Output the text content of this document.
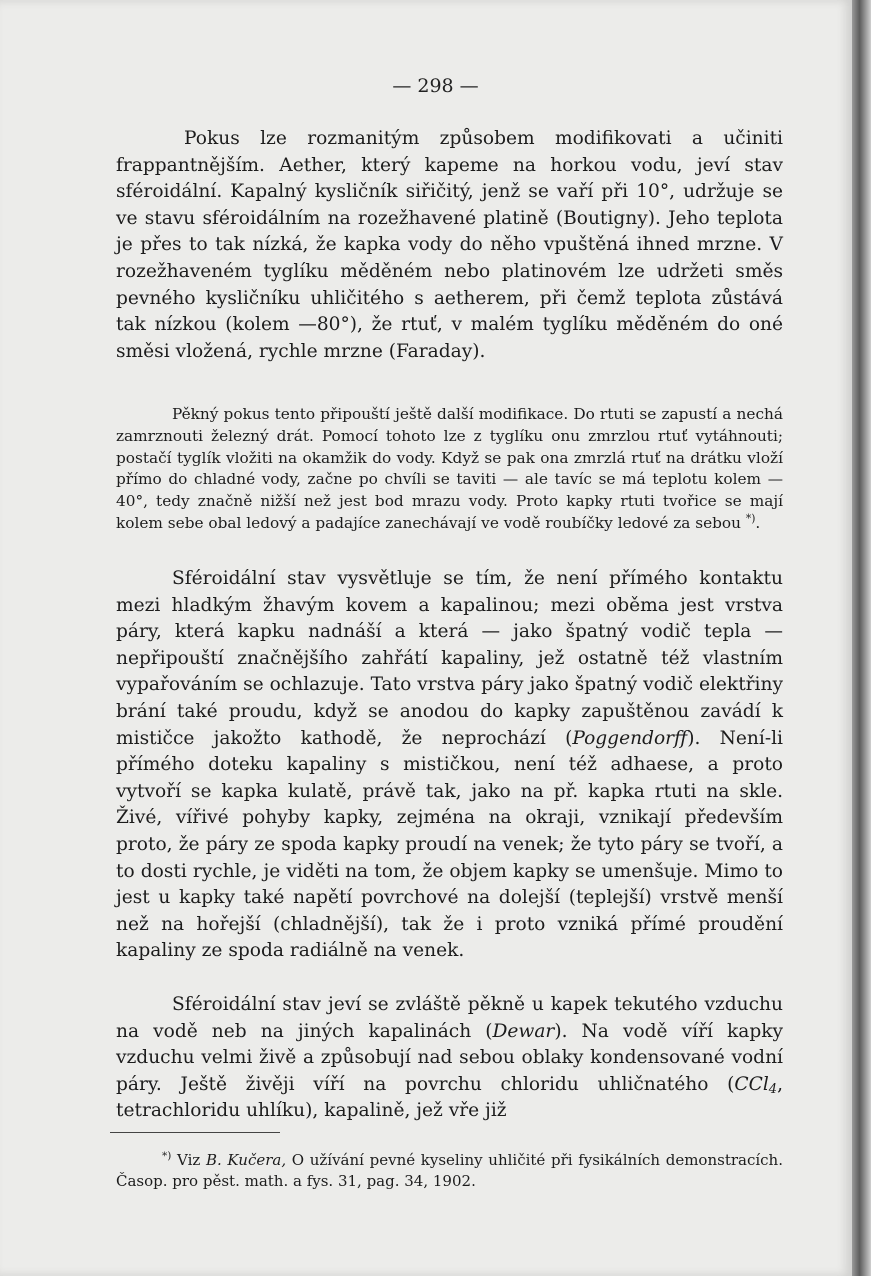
— 298 —

Pokus lze rozmanitým způsobem modifikovati a učiniti frappantnějším. Aether, který kapeme na horkou vodu, jeví stav sféroidální. Kapalný kysličník siřičitý, jenž se vaří při 10°, udržuje se ve stavu sféroidálním na rozežhavené platině (Boutigny). Jeho teplota je přes to tak nízká, že kapka vody do něho vpuštěná ihned mrzne. V rozežhaveném tyglíku měděném nebo platinovém lze udržeti směs pevného kysličníku uhličitého s aetherem, při čemž teplota zůstává tak nízkou (kolem —80°), že rtuť, v malém tyglíku měděném do oné směsi vložená, rychle mrzne (Faraday).

Pěkný pokus tento připouští ještě další modifikace. Do rtuti se zapustí a nechá zamrznouti železný drát. Pomocí tohoto lze z tyglíku onu zmrzlou rtuť vytáhnouti; postačí tyglík vložiti na okamžik do vody. Když se pak ona zmrzlá rtuť na drátku vloží přímo do chladné vody, začne po chvíli se taviti — ale tavíc se má teplotu kolem — 40°, tedy značně nižší než jest bod mrazu vody. Proto kapky rtuti tvořice se mají kolem sebe obal ledový a padajíce zanechávají ve vodě roubíčky ledové za sebou *).

Sféroidální stav vysvětluje se tím, že není přímého kontaktu mezi hladkým žhavým kovem a kapalinou; mezi oběma jest vrstva páry, která kapku nadnáší a která — jako špatný vodič tepla — nepřipouští značnějšího zahřátí kapaliny, jež ostatně též vlastním vypařováním se ochlazuje. Tato vrstva páry jako špatný vodič elektřiny brání také proudu, když se anodou do kapky zapuštěnou zavádí k mističce jakožto kathodě, že neprochází (Poggendorff). Není-li přímého doteku kapaliny s mističkou, není též adhaese, a proto vytvoří se kapka kulatě, právě tak, jako na př. kapka rtuti na skle. Živé, vířivé pohyby kapky, zejména na okraji, vznikají především proto, že páry ze spoda kapky proudí na venek; že tyto páry se tvoří, a to dosti rychle, je viděti na tom, že objem kapky se umenšuje. Mimo to jest u kapky také napětí povrchové na dolejší (teplejší) vrstvě menší než na hořejší (chladnější), tak že i proto vzniká přímé proudění kapaliny ze spoda radiálně na venek.

Sféroidální stav jeví se zvláště pěkně u kapek tekutého vzduchu na vodě neb na jiných kapalinách (Dewar). Na vodě víří kapky vzduchu velmi živě a způsobují nad sebou oblaky kondensované vodní páry. Ještě živěji víří na povrchu chloridu uhličnatého (CCl$_4$, tetrachloridu uhlíku), kapalině, jež vře již

*) Viz B. Kučera, O užívání pevné kyseliny uhličité při fysikálních demonstracích. Časop. pro pěst. math. a fys. 31, pag. 34, 1902.
